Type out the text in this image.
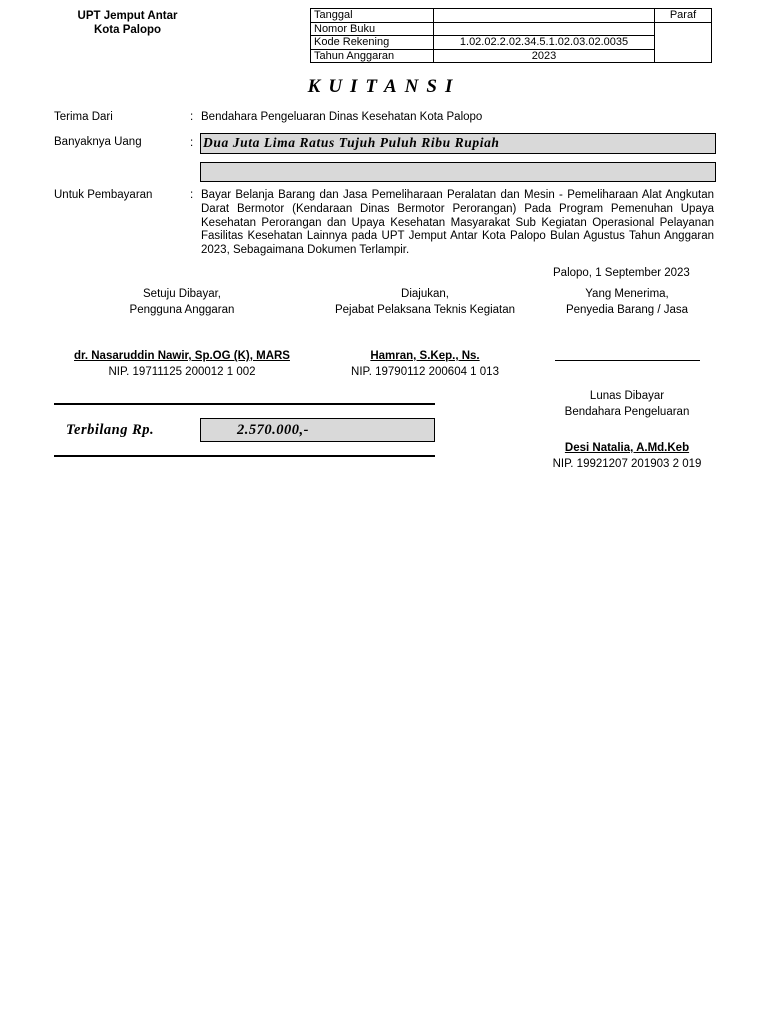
UPT Jemput Antar
Kota Palopo
Tanggal		Paraf
Nomor Buku		
Kode Rekening	1.02.02.2.02.34.5.1.02.03.02.0035	
Tahun Anggaran	2023	
KUITANSI
Terima Dari	: Bendahara Pengeluaran Dinas Kesehatan Kota Palopo
Banyaknya Uang	: Dua Juta Lima Ratus Tujuh Puluh Ribu Rupiah
Untuk Pembayaran	: Bayar Belanja Barang dan Jasa Pemeliharaan Peralatan dan Mesin - Pemeliharaan Alat Angkutan Darat Bermotor (Kendaraan Dinas Bermotor Perorangan) Pada Program Pemenuhan Upaya Kesehatan Perorangan dan Upaya Kesehatan Masyarakat Sub Kegiatan Operasional Pelayanan Fasilitas Kesehatan Lainnya pada UPT Jemput Antar Kota Palopo Bulan Agustus Tahun Anggaran 2023, Sebagaimana Dokumen Terlampir.
Palopo, 1 September 2023
Setuju Dibayar,
Pengguna Anggaran
Diajukan,
Pejabat Pelaksana Teknis Kegiatan
Yang Menerima,
Penyedia Barang / Jasa
dr. Nasaruddin Nawir, Sp.OG (K), MARS
NIP. 19711125 200012 1 002
Hamran, S.Kep., Ns.
NIP. 19790112 200604 1 013
Lunas Dibayar
Bendahara Pengeluaran
Desi Natalia, A.Md.Keb
NIP. 19921207 201903 2 019
Terbilang Rp.	2.570.000,-
